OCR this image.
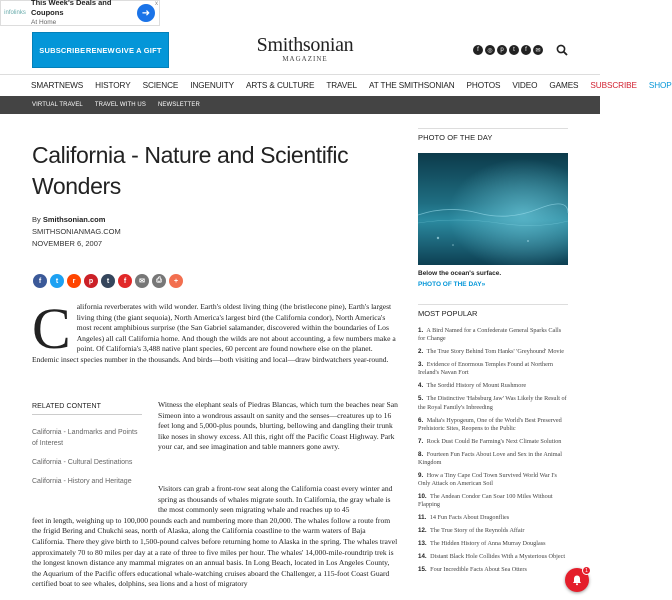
infolinks
This Week's Deals and Coupons
At Home
➜
x
SUBSCRIBE RENEW GIVE A GIFT	Smithsonian
MAGAZINE
f	◎	p	t	f	✉
SMARTNEWS HISTORY SCIENCE INGENUITY ARTS & CULTURE TRAVEL AT THE SMITHSONIAN PHOTOS VIDEO GAMES SUBSCRIBE SHOP
VIRTUAL TRAVEL TRAVEL WITH US NEWSLETTER
California - Nature and Scientific Wonders
By Smithsonian.com
SMITHSONIANMAG.COM
NOVEMBER 6, 2007
f	t	r	p	t	f	✉	⎙	+
California reverberates with wild wonder. Earth's oldest living thing (the bristlecone pine), Earth's largest living thing (the giant sequoia), North America's largest bird (the California condor), North America's most recent amphibious surprise (the San Gabriel salamander, discovered within the boundaries of Los Angeles) all call California home. And though the wilds are not about accounting, a few numbers make a point. Of California's 3,488 native plant species, 60 percent are found nowhere else on the planet. Endemic insect species number in the thousands. And birds—both visiting and local—draw birdwatchers year-round.
RELATED CONTENT
California - Landmarks and Points of Interest
California - Cultural Destinations
California - History and Heritage
Witness the elephant seals of Piedras Blancas, which turn the beaches near San Simeon into a wondrous assault on sanity and the senses—creatures up to 16 feet long and 5,000-plus pounds, blurting, bellowing and dangling their trunk like noses in showy excess. All this, right off the Pacific Coast Highway. Park your car, and see imagination and table manners gone awry.
Visitors can grab a front-row seat along the California coast every winter and spring as thousands of whales migrate south. In California, the gray whale is the most commonly seen migrating whale and reaches up to 45
feet in length, weighing up to 100,000 pounds each and numbering more than 20,000. The whales follow a route from the frigid Bering and Chukchi seas, north of Alaska, along the California coastline to the warm waters of Baja California. There they give birth to 1,500-pound calves before returning home to Alaska in the spring. The whales travel approximately 70 to 80 miles per day at a rate of three to five miles per hour. The whales' 14,000-mile-roundtrip trek is the longest known distance any mammal migrates on an annual basis. In Long Beach, located in Los Angeles County, the Aquarium of the Pacific offers educational whale-watching cruises aboard the Challenger, a 115-foot Coast Guard certified boat to see whales, dolphins, sea lions and a host of migratory
PHOTO OF THE DAY
Below the ocean's surface.
PHOTO OF THE DAY»
MOST POPULAR
1. A Bird Named for a Confederate General Sparks Calls for Change
2. The True Story Behind Tom Hanks' 'Greyhound' Movie
3. Evidence of Enormous Temples Found at Northern Ireland's Navan Fort
4. The Sordid History of Mount Rushmore
5. The Distinctive 'Habsburg Jaw' Was Likely the Result of the Royal Family's Inbreeding
6. Malta's Hypogeum, One of the World's Best Preserved Prehistoric Sites, Reopens to the Public
7. Rock Dust Could Be Farming's Next Climate Solution
8. Fourteen Fun Facts About Love and Sex in the Animal Kingdom
9. How a Tiny Cape Cod Town Survived World War I's Only Attack on American Soil
10. The Andean Condor Can Soar 100 Miles Without Flapping
11. 14 Fun Facts About Dragonflies
12. The True Story of the Reynolds Affair
13. The Hidden History of Anna Murray Douglass
14. Distant Black Hole Collides With a Mysterious Object
15. Four Incredible Facts About Sea Otters	1
